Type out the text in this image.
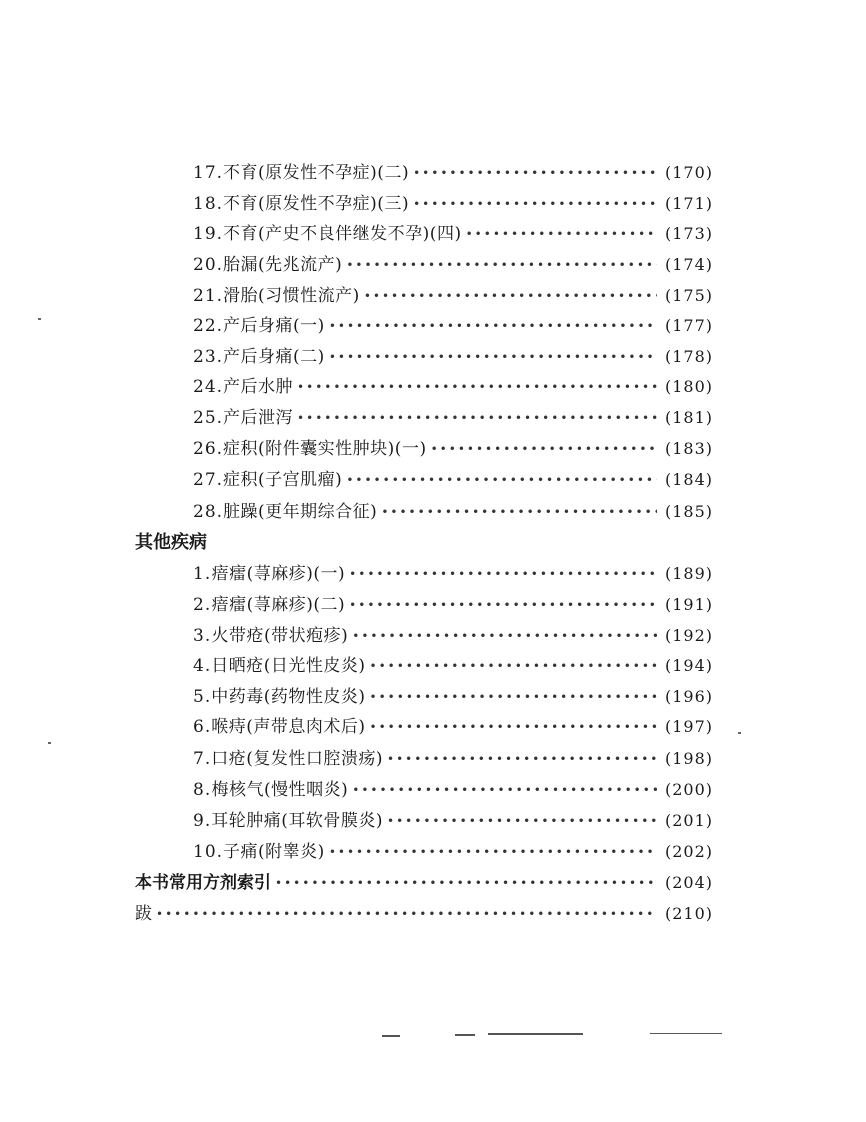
17. 不育(原发性不孕症)(二) •••••	(170)
18. 不育(原发性不孕症)(三) •••••	(171)
19. 不育(产史不良伴继发不孕)(四) •••••	(173)
20. 胎漏(先兆流产) •••••	(174)
21. 滑胎(习惯性流产) •••••	(175)
22. 产后身痛(一) •••••	(177)
23. 产后身痛(二) •••••	(178)
24. 产后水肿 •••••	(180)
25. 产后泄泻 •••••	(181)
26. 症积(附件囊实性肿块)(一) •••••	(183)
27. 症积(子宫肌瘤) •••••	(184)
28. 脏躁(更年期综合征) •••••	(185)
其他疾病
1. 瘖癗(荨麻疹)(一) •••••	(189)
2. 瘖癗(荨麻疹)(二) •••••	(191)
3. 火带疮(带状疱疹) •••••	(192)
4. 日晒疮(日光性皮炎) •••••	(194)
5. 中药毒(药物性皮炎) •••••	(196)
6. 喉痔(声带息肉术后) •••••	(197)
7. 口疮(复发性口腔溃疡) •••••	(198)
8. 梅核气(慢性咽炎) •••••	(200)
9. 耳轮肿痛(耳软骨膜炎) •••••	(201)
10. 子痛(附睾炎) •••••	(202)
本书常用方剂索引 •••••	(204)
跋 •••••	(210)
